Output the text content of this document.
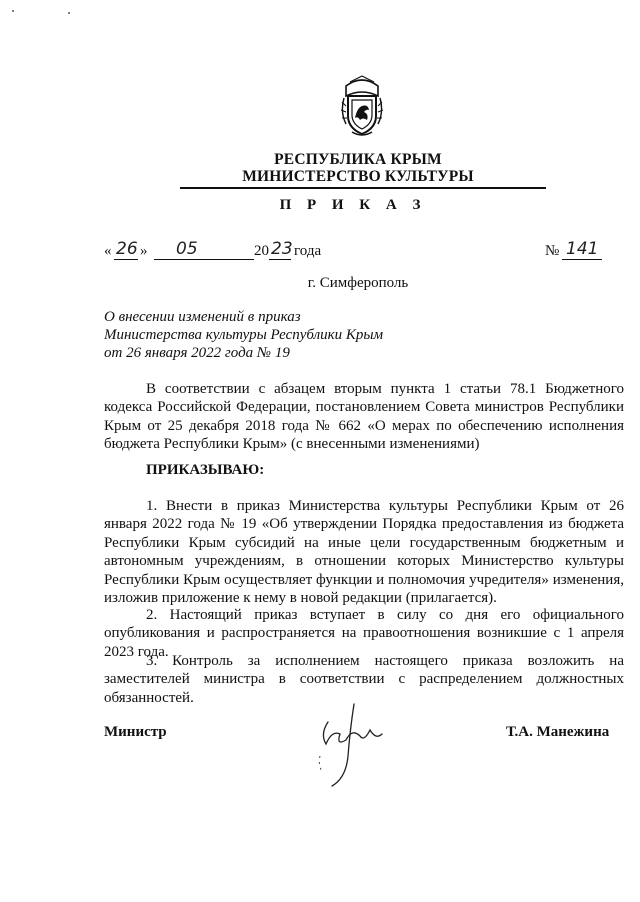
РЕСПУБЛИКА КРЫМ
МИНИСТЕРСТВО КУЛЬТУРЫ
П Р И К А З
« 26 » 05	20 23 года	№ 141
г. Симферополь
О внесении изменений в приказ
Министерства культуры Республики Крым
от 26 января 2022 года № 19
В соответствии с абзацем вторым пункта 1 статьи 78.1 Бюджетного кодекса Российской Федерации, постановлением Совета министров Республики Крым от 25 декабря 2018 года № 662 «О мерах по обеспечению исполнения бюджета Республики Крым» (с внесенными изменениями)
ПРИКАЗЫВАЮ:
1. Внести в приказ Министерства культуры Республики Крым от 26 января 2022 года № 19 «Об утверждении Порядка предоставления из бюджета Республики Крым субсидий на иные цели государственным бюджетным и автономным учреждениям, в отношении которых Министерство культуры Республики Крым осуществляет функции и полномочия учредителя» изменения, изложив приложение к нему в новой редакции (прилагается).
2. Настоящий приказ вступает в силу со дня его официального опубликования и распространяется на правоотношения возникшие с 1 апреля 2023 года.
3. Контроль за исполнением настоящего приказа возложить на заместителей министра в соответствии с распределением должностных обязанностей.
Министр	Т.А. Манежина
